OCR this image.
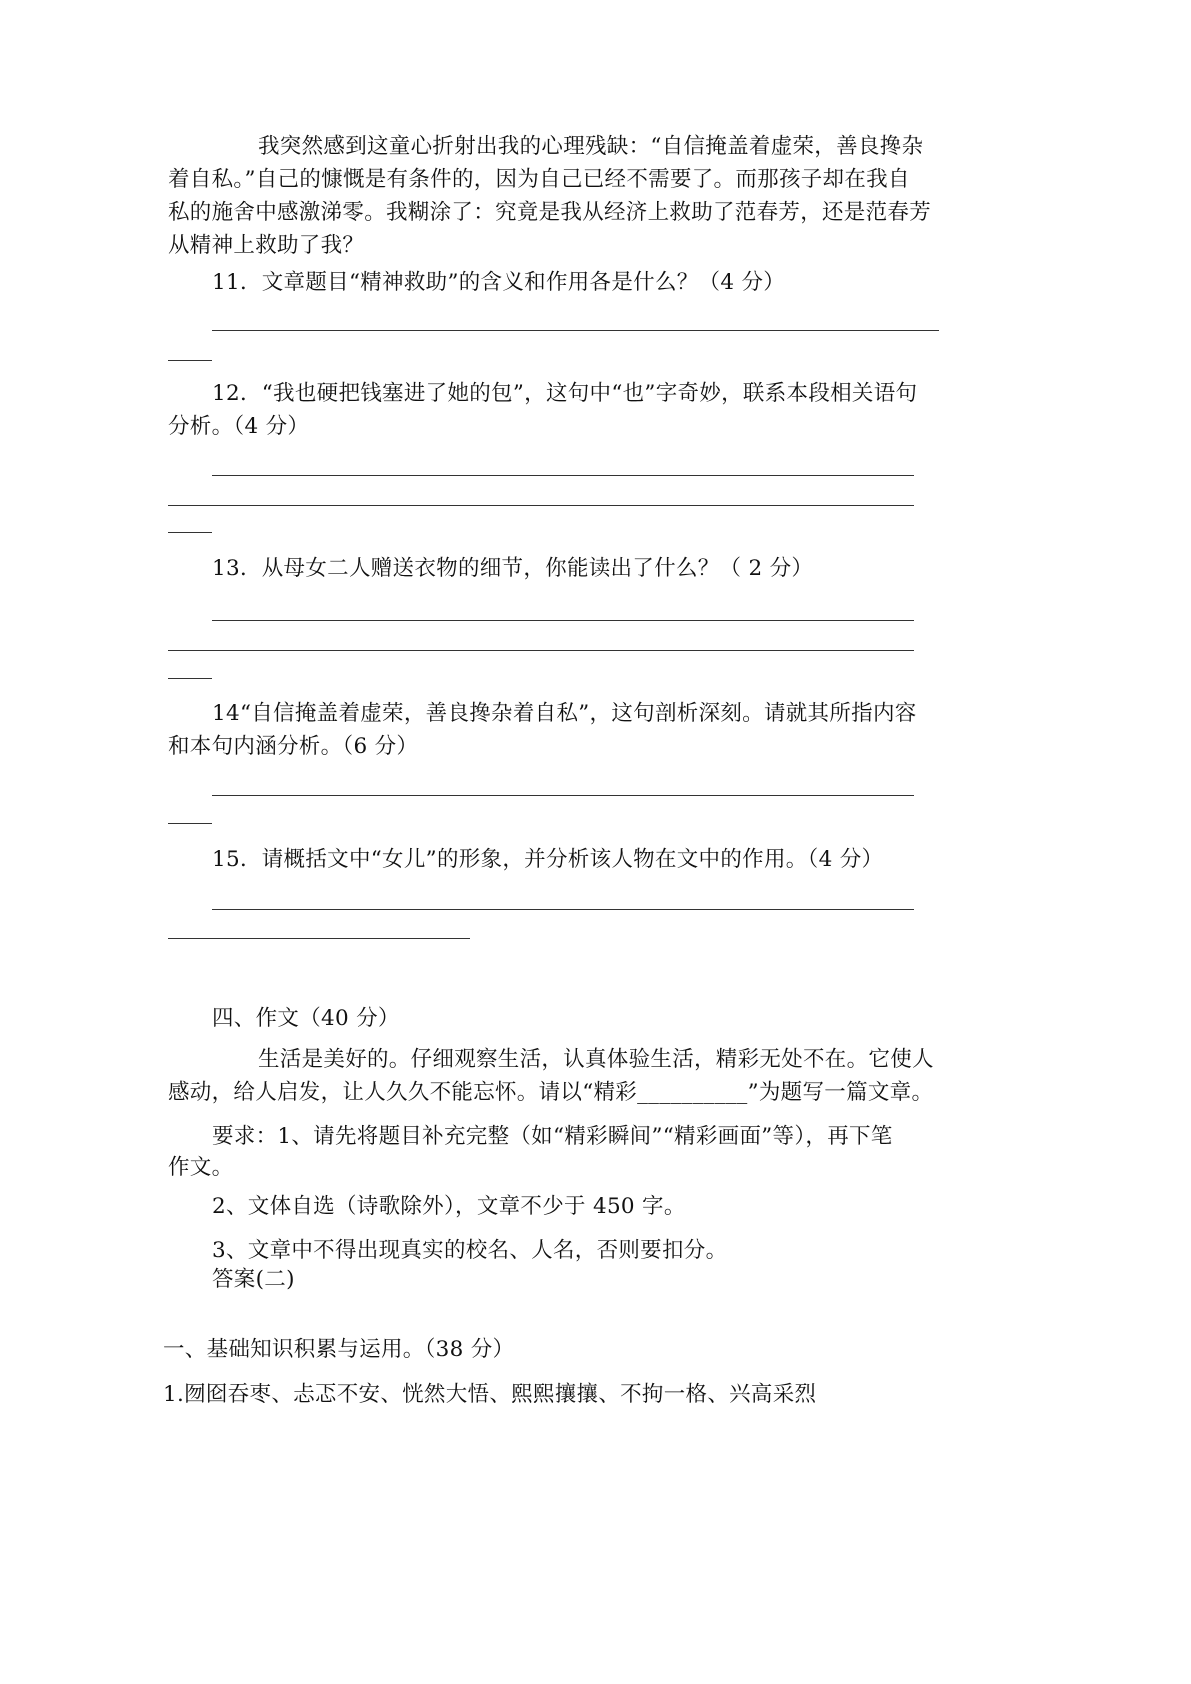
我突然感到这童心折射出我的心理残缺：“自信掩盖着虚荣，善良搀杂
着自私。”自己的慷慨是有条件的，因为自己已经不需要了。而那孩子却在我自
私的施舍中感激涕零。我糊涂了：究竟是我从经济上救助了范春芳，还是范春芳
从精神上救助了我？
11．文章题目“精神救助”的含义和作用各是什么？（4 分）
12．“我也硬把钱塞进了她的包”，这句中“也”字奇妙，联系本段相关语句
分析。（4 分）
13．从母女二人赠送衣物的细节，你能读出了什么？（ 2 分）
14“自信掩盖着虚荣，善良搀杂着自私”，这句剖析深刻。请就其所指内容
和本句内涵分析。（6 分）
15．请概括文中“女儿”的形象，并分析该人物在文中的作用。（4 分）
四、作文（40 分）
生活是美好的。仔细观察生活，认真体验生活，精彩无处不在。它使人
感动，给人启发，让人久久不能忘怀。请以“精彩__________”为题写一篇文章。
要求：1、请先将题目补充完整（如“精彩瞬间”“精彩画面”等），再下笔
作文。
2、文体自选（诗歌除外），文章不少于 450 字。
3、文章中不得出现真实的校名、人名，否则要扣分。
答案(二)
一、基础知识积累与运用。（38 分）
1.囫囵吞枣、忐忑不安、恍然大悟、熙熙攘攘、不拘一格、兴高采烈
